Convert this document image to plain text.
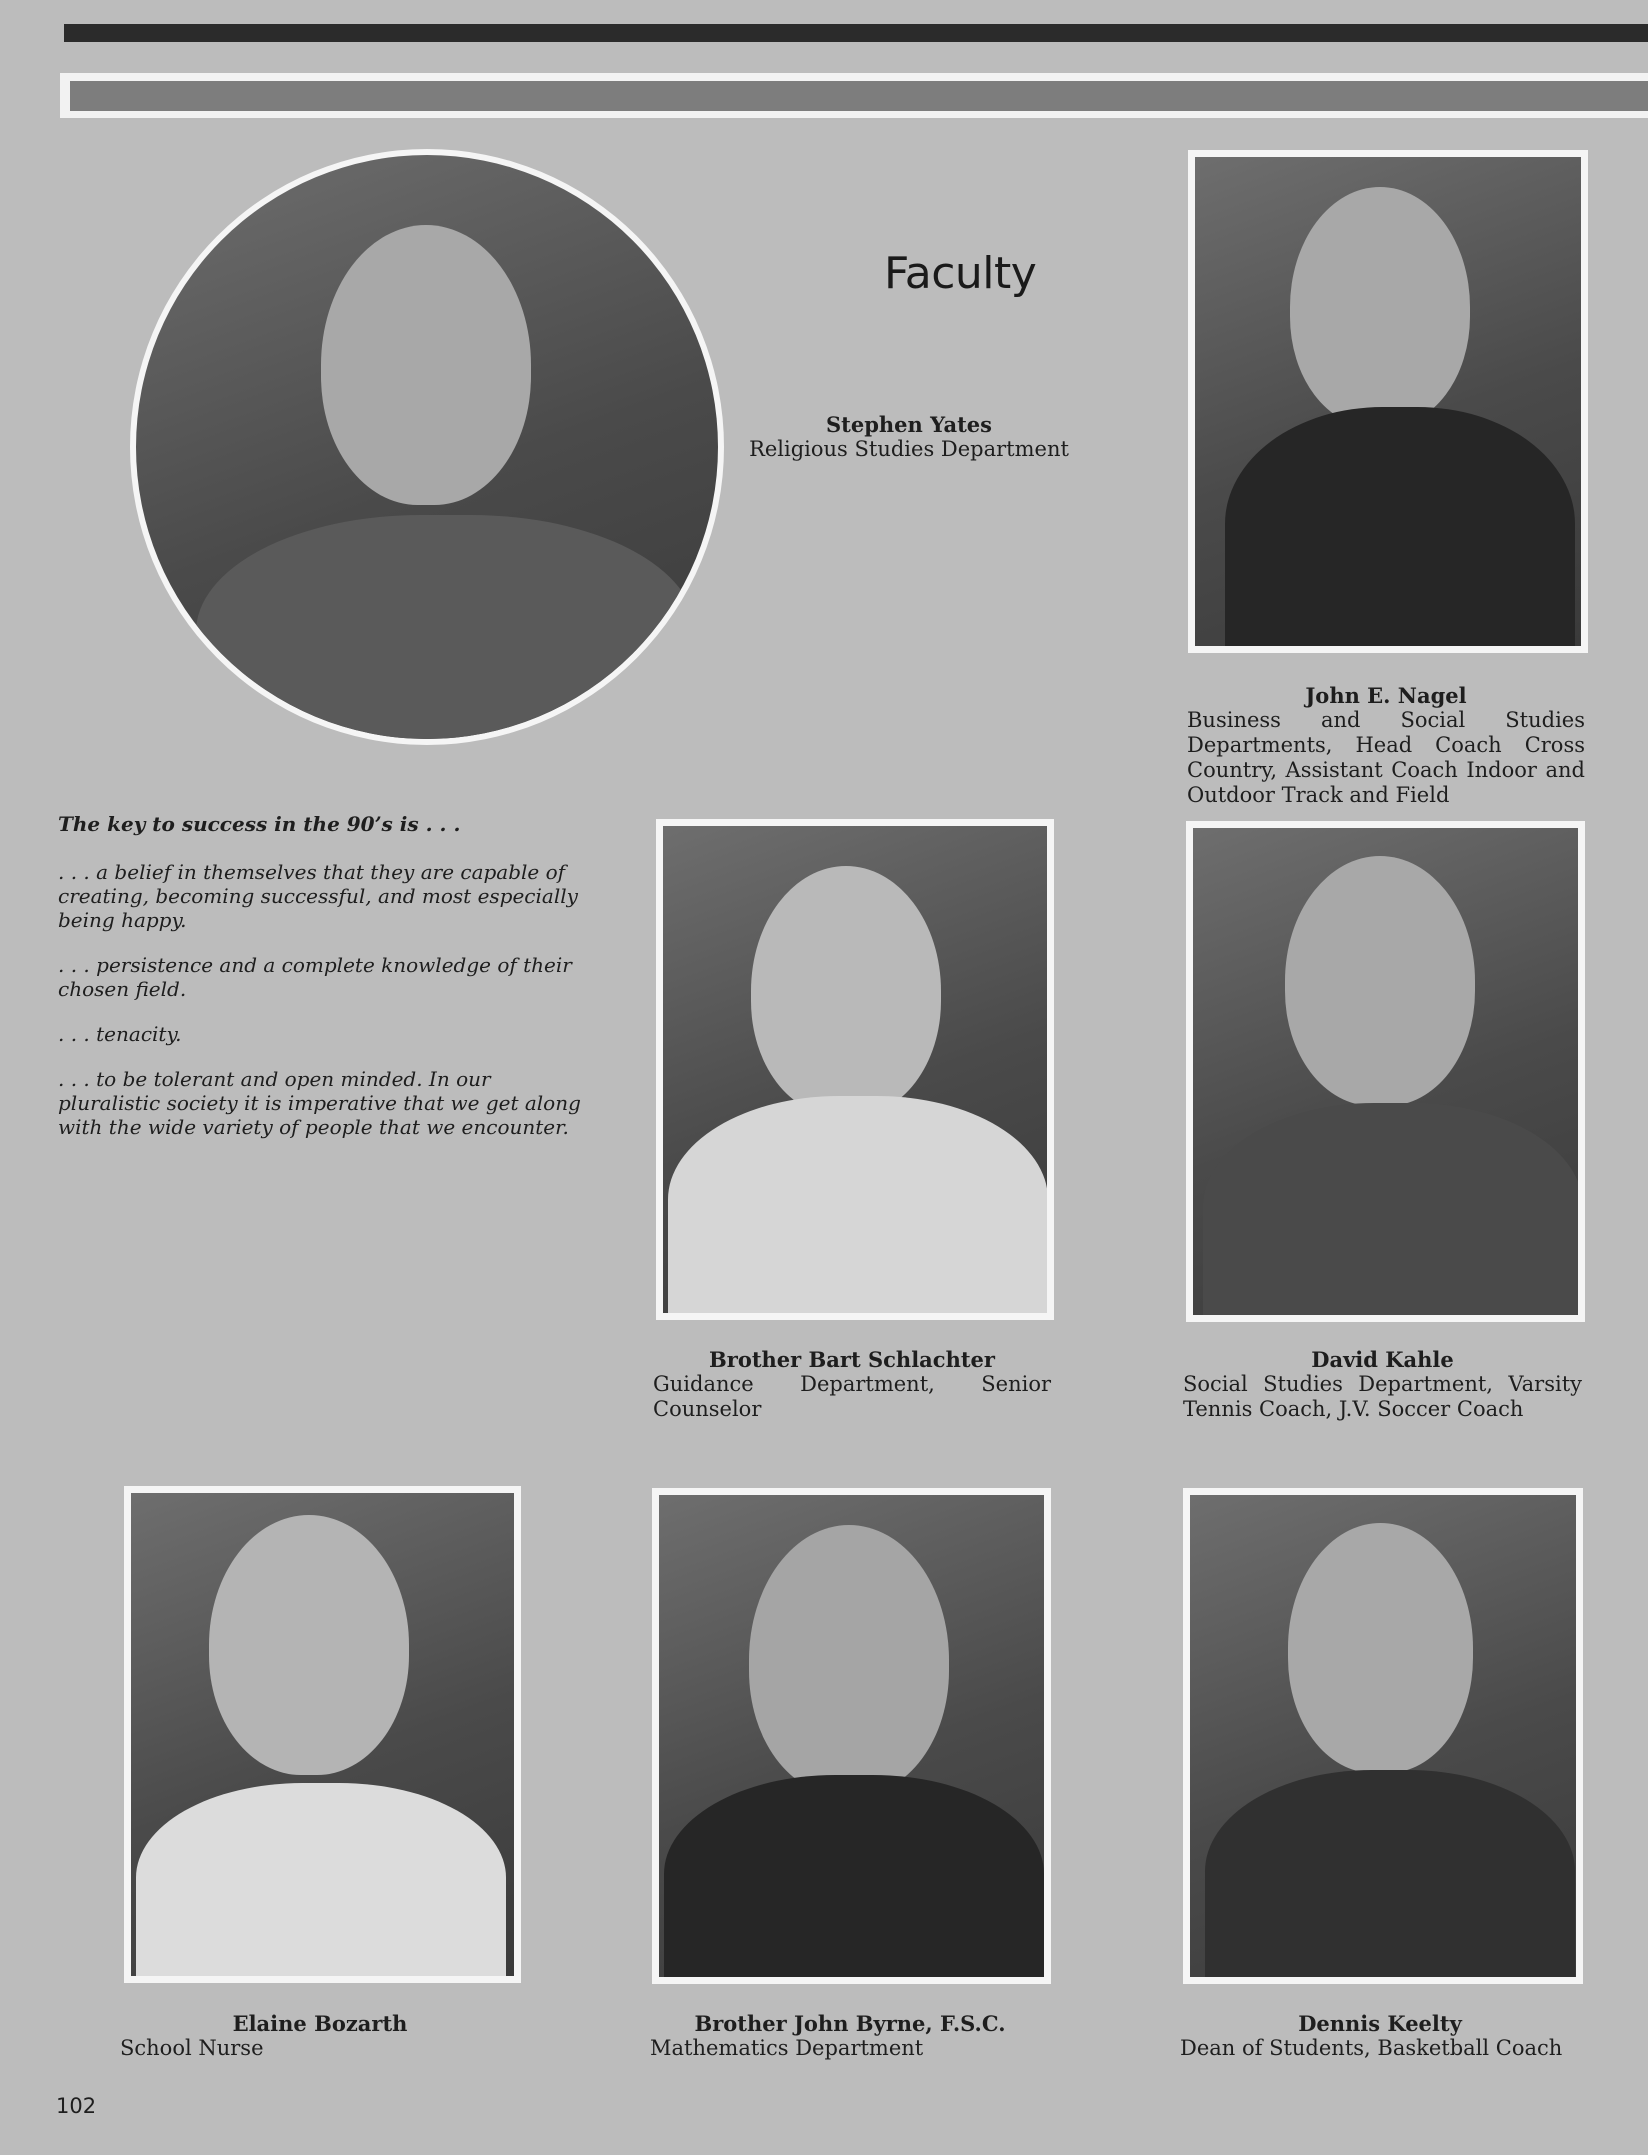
Faculty
Stephen Yates
Religious Studies Department
John E. Nagel
Business and Social Studies Departments, Head Coach Cross Country, Assistant Coach Indoor and Outdoor Track and Field
The key to success in the 90’s is . . .

. . . a belief in themselves that they are capable of creating, becoming successful, and most especially being happy.

. . . persistence and a complete knowledge of their chosen field.

. . . tenacity.

. . . to be tolerant and open minded. In our pluralistic society it is imperative that we get along with the wide variety of people that we encounter.

Brother Bart Schlachter
Guidance Department, Senior Counselor
David Kahle
Social Studies Department, Varsity Tennis Coach, J.V. Soccer Coach
Elaine Bozarth
School Nurse
Brother John Byrne, F.S.C.
Mathematics Department
Dennis Keelty
Dean of Students, Basketball Coach
102
